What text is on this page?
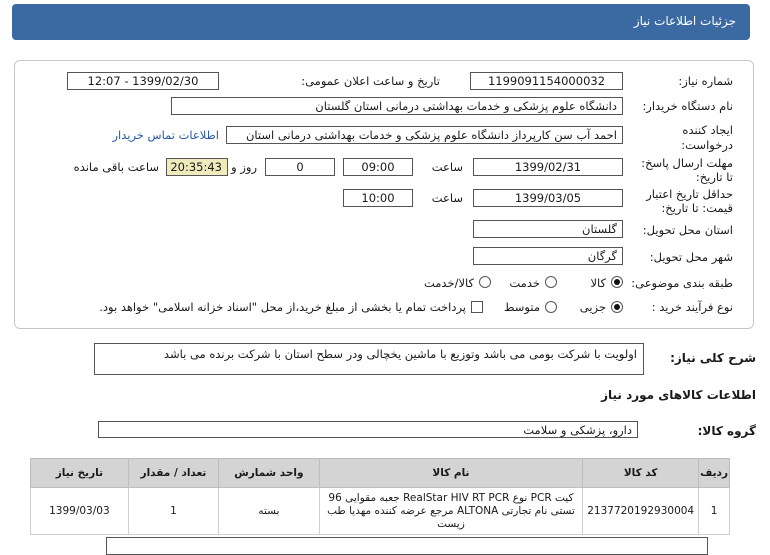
جزئیات اطلاعات نیاز
شماره نیاز:
1199091154000032
تاریخ و ساعت اعلان عمومی:
1399/02/30 - 12:07
نام دستگاه خریدار:
دانشگاه علوم پزشکی و خدمات بهداشتی درمانی استان گلستان
ایجاد کننده درخواست:
احمد آب سن کارپرداز دانشگاه علوم پزشکی و خدمات بهداشتی درمانی استان
اطلاعات تماس خریدار
مهلت ارسال پاسخ: تا تاریخ:
1399/02/31
ساعت
09:00
0
روز و
20:35:43
ساعت باقی مانده
حداقل تاریخ اعتبار قیمت: تا تاریخ:
1399/03/05
ساعت
10:00
استان محل تحویل:
گلستان
شهر محل تحویل:
گرگان
طبقه بندی موضوعی:
کالا
خدمت
کالا/خدمت
نوع فرآیند خرید :
جزیی
متوسط
پرداخت تمام یا بخشی از مبلغ خرید،از محل "اسناد خزانه اسلامی" خواهد بود.
شرح کلی نیاز:
اولویت با شرکت بومی می باشد وتوزیع با ماشین یخچالی ودر سطح استان با شرکت برنده می باشد
اطلاعات کالاهای مورد نیاز
گروه کالا:
دارو، پزشکی و سلامت
ردیف	کد کالا	نام کالا	واحد شمارش	تعداد / مقدار	تاریخ نیاز
1	2137720192930004	کیت PCR نوع RealStar HIV RT PCR جعبه مقوایی 96 تستی نام تجارتی ALTONA مرجع عرضه کننده مهدیا طب زیست	بسته	1	1399/03/03
